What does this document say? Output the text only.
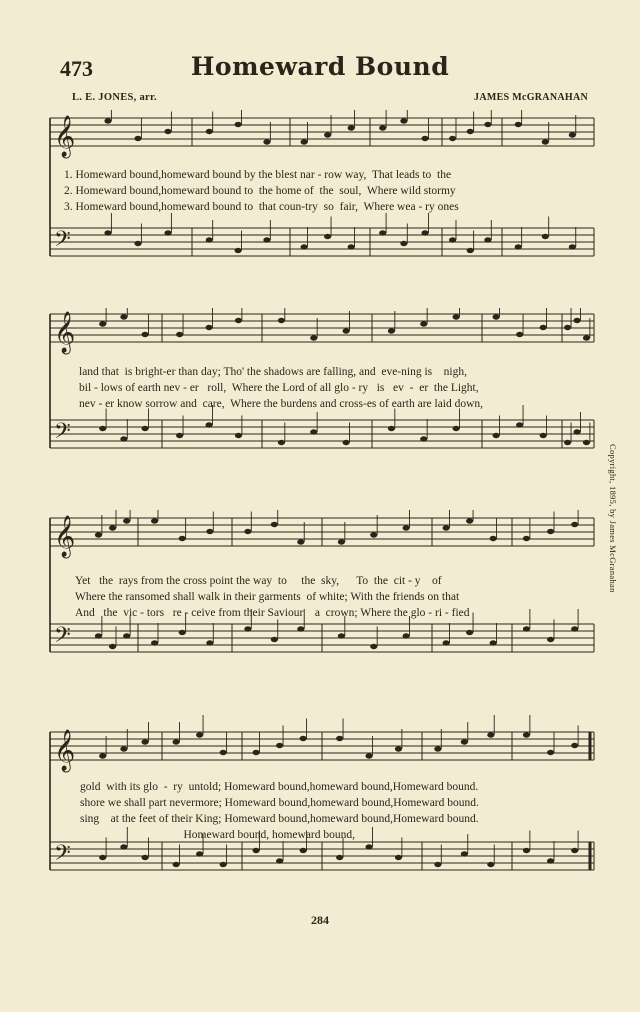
473	Homeward Bound
L. E. JONES, arr.	JAMES McGRANAHAN
Copyright, 1895, by James McGranahan
𝄞
𝄢
1. Homeward bound,homeward bound by the blest nar - row way,  That leads to  the
2. Homeward bound,homeward bound to  the home of  the  soul,  Where wild stormy
3. Homeward bound,homeward bound to  that coun-try  so  fair,  Where wea - ry ones
𝄞
𝄢
land that  is bright-er than day; Tho' the shadows are falling, and  eve-ning is    nigh,
bil - lows of earth nev - er   roll,  Where the Lord of all glo - ry   is   ev  -  er  the Light,
nev - er know sorrow and  care,  Where the burdens and cross-es of earth are laid down,
𝄞
𝄢
Yet   the  rays from the cross point the way  to     the  sky,      To  the  cit - y    of
Where the ransomed shall walk in their garments  of white; With the friends on that
And   the  vic - tors   re - ceive from their Saviour    a  crown; Where the glo - ri - fied
𝄞
𝄢
gold  with its glo  -  ry  untold; Homeward bound,homeward bound,Homeward bound.
shore we shall part nevermore; Homeward bound,homeward bound,Homeward bound.
sing    at the feet of their King; Homeward bound,homeward bound,Homeward bound.
Homeward bound, homeward bound,
284
